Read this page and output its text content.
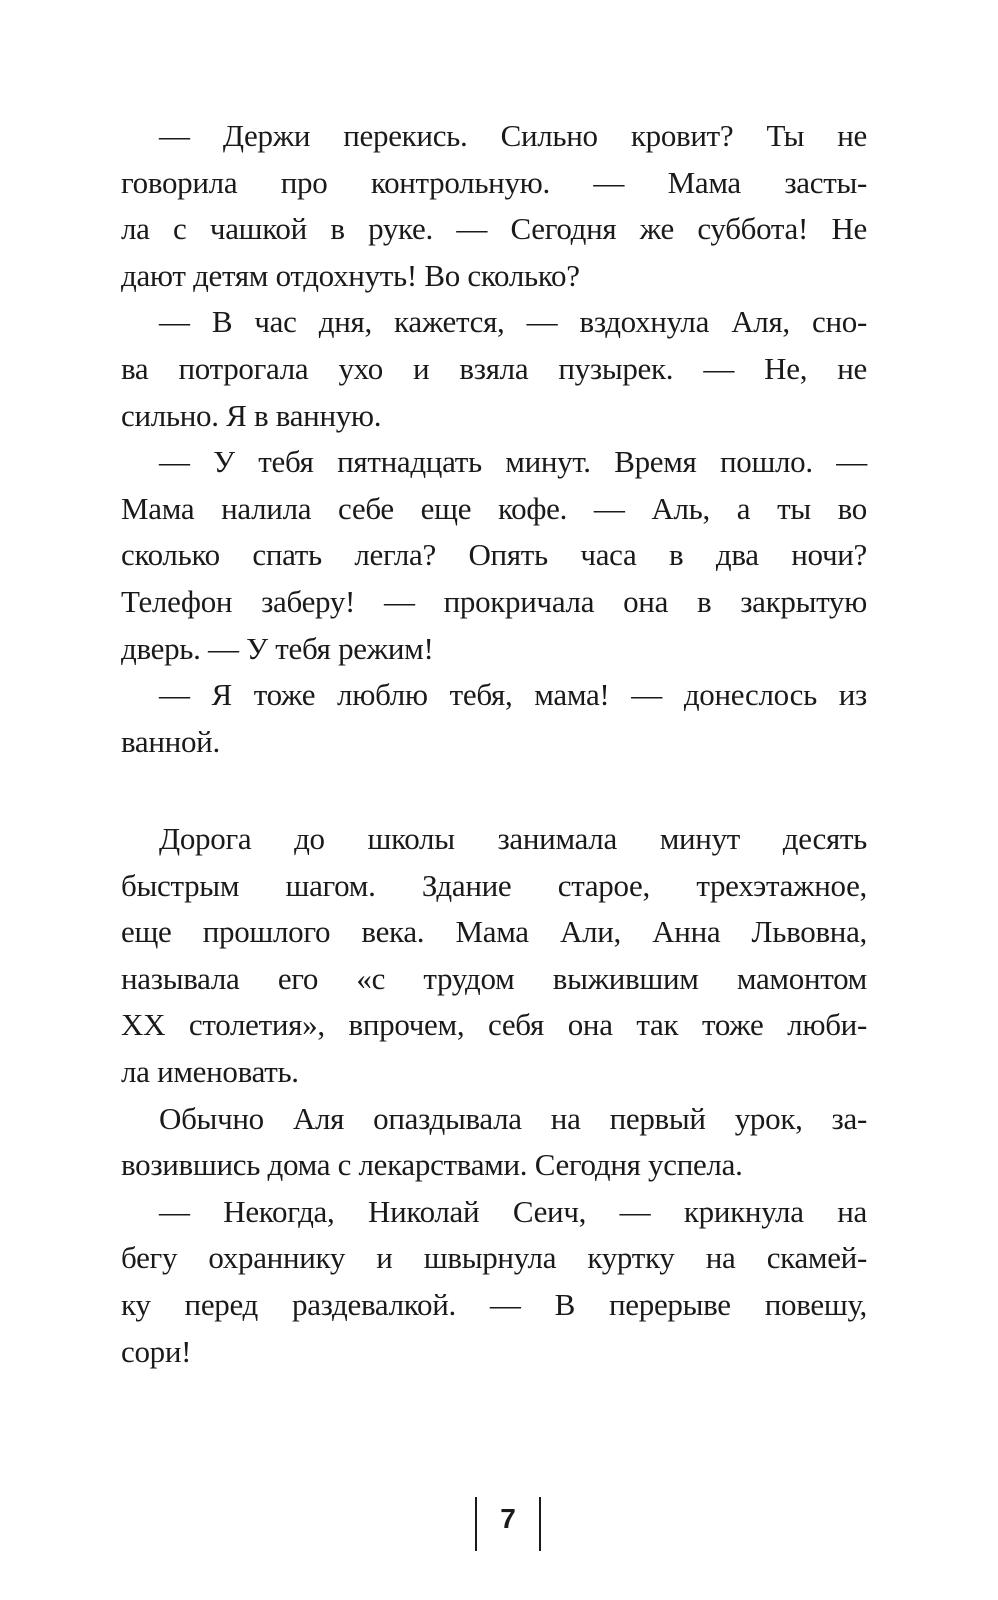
— Держи перекись. Сильно кровит? Ты не
говорила про контрольную. — Мама засты-
ла с чашкой в руке. — Сегодня же суббота! Не
дают детям отдохнуть! Во сколько?
— В час дня, кажется, — вздохнула Аля, сно-
ва потрогала ухо и взяла пузырек. — Не, не
сильно. Я в ванную.
— У тебя пятнадцать минут. Время пошло. —
Мама налила себе еще кофе. — Аль, а ты во
сколько спать легла? Опять часа в два ночи?
Телефон заберу! — прокричала она в закрытую
дверь. — У тебя режим!
— Я тоже люблю тебя, мама! — донеслось из
ванной.
Дорога до школы занимала минут десять
быстрым шагом. Здание старое, трехэтажное,
еще прошлого века. Мама Али, Анна Львовна,
называла его «с трудом выжившим мамонтом
XX столетия», впрочем, себя она так тоже люби-
ла именовать.
Обычно Аля опаздывала на первый урок, за-
возившись дома с лекарствами. Сегодня успела.
— Некогда, Николай Сеич, — крикнула на
бегу охраннику и швырнула куртку на скамей-
ку перед раздевалкой. — В перерыве повешу,
сори!
7
